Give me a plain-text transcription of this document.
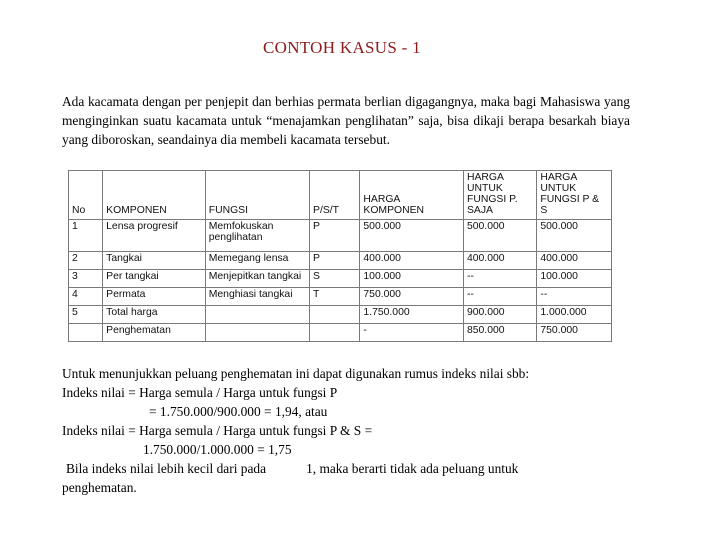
CONTOH KASUS - 1
Ada kacamata dengan per penjepit dan berhias permata berlian digagangnya, maka bagi Mahasiswa yang menginginkan suatu kacamata untuk “menajamkan penglihatan” saja, bisa dikaji berapa besarkah biaya yang diboroskan, seandainya dia membeli kacamata tersebut.
No	KOMPONEN	FUNGSI	P/S/T	HARGA KOMPONEN	HARGA UNTUK FUNGSI P. SAJA	HARGA UNTUK FUNGSI P & S
1	Lensa progresif	Memfokuskan penglihatan	P	500.000	500.000	500.000
2	Tangkai	Memegang lensa	P	400.000	400.000	400.000
3	Per tangkai	Menjepitkan tangkai	S	100.000	--	100.000
4	Permata	Menghiasi tangkai	T	750.000	--	--
5	Total harga			1.750.000	900.000	1.000.000
	Penghematan			-	850.000	750.000
Untuk menunjukkan peluang penghematan ini dapat digunakan rumus indeks nilai sbb:
Indeks nilai = Harga semula / Harga untuk fungsi P
= 1.750.000/900.000 = 1,94, atau
Indeks nilai = Harga semula / Harga untuk fungsi P & S =
1.750.000/1.000.000 = 1,75
Bila indeks nilai lebih kecil dari pada	1, maka berarti tidak ada peluang untuk
penghematan.
